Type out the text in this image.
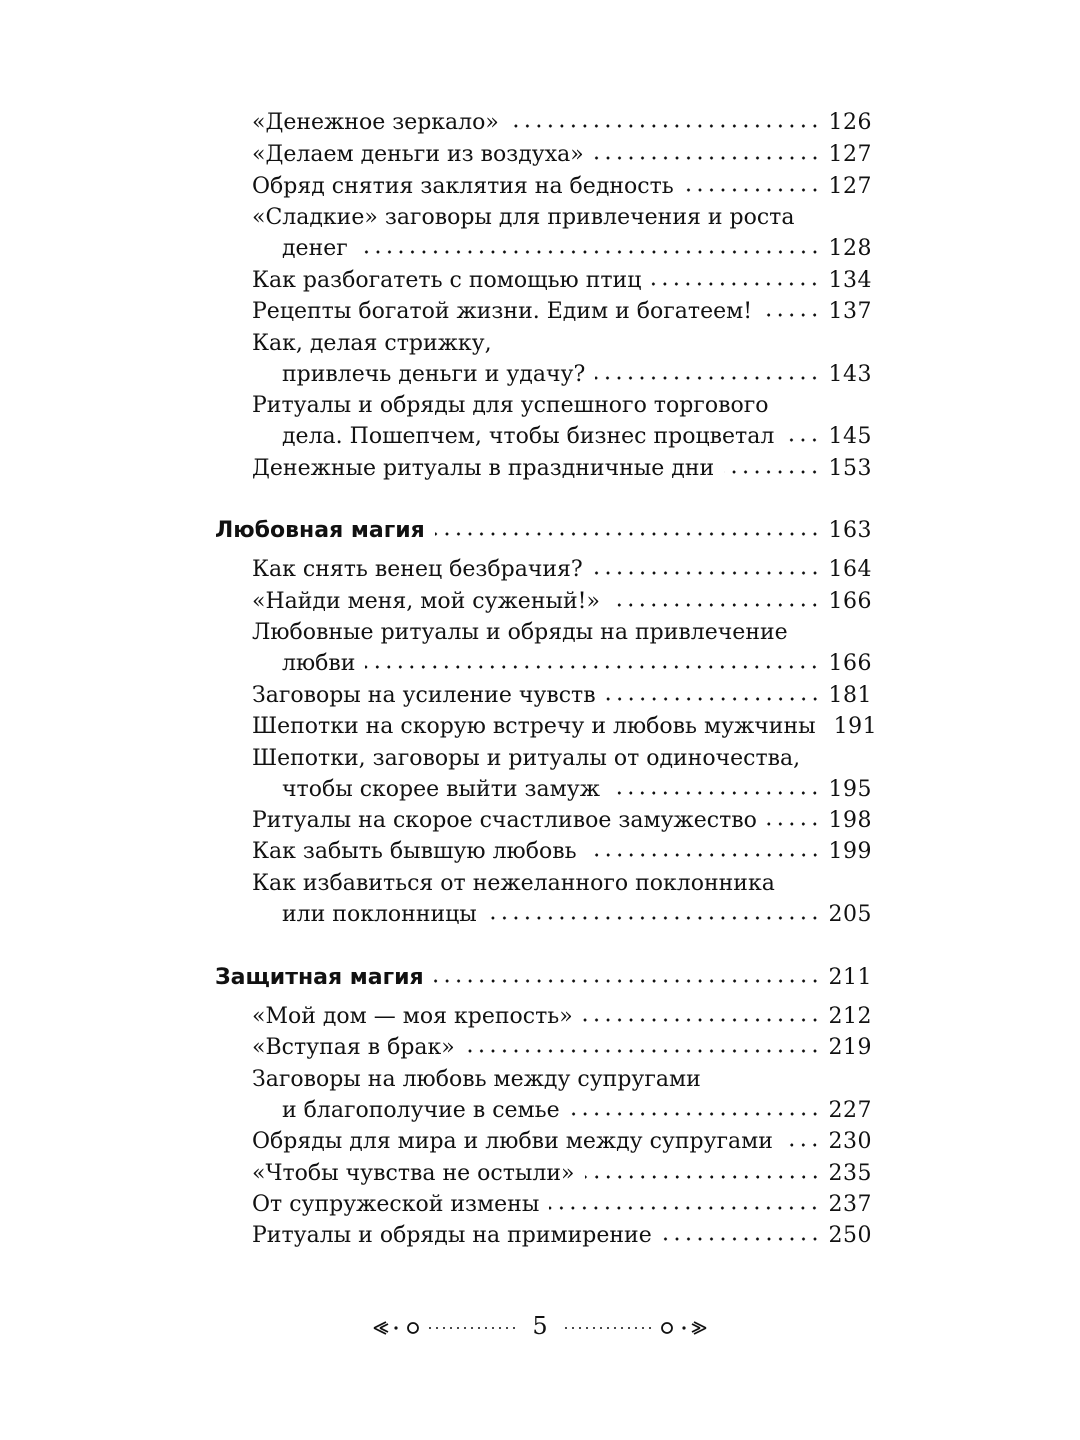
«Денежное зеркало»	126
«Делаем деньги из воздуха»	127
Обряд снятия заклятия на бедность	127
«Сладкие» заговоры для привлечения и роста
денег	128
Как разбогатеть с помощью птиц	134
Рецепты богатой жизни. Едим и богатеем!	137
Как, делая стрижку,
привлечь деньги и удачу?	143
Ритуалы и обряды для успешного торгового
дела. Пошепчем, чтобы бизнес процветал 145
Денежные ритуалы в праздничные дни	153
Любовная магия	163
Как снять венец безбрачия?	164
«Найди меня, мой суженый!»	166
Любовные ритуалы и обряды на привлечение
любви	166
Заговоры на усиление чувств	181
Шепотки на скорую встречу и любовь мужчины 191
Шепотки, заговоры и ритуалы от одиночества,
чтобы скорее выйти замуж	195
Ритуалы на скорое счастливое замужество	198
Как забыть бывшую любовь	199
Как избавиться от нежеланного поклонника
или поклонницы	205
Защитная магия	211
«Мой дом — моя крепость»	212
«Вступая в брак»	219
Заговоры на любовь между супругами
и благополучие в семье	227
Обряды для мира и любви между супругами	230
«Чтобы чувства не остыли»	235
От супружеской измены	237
Ритуалы и обряды на примирение	250
5
